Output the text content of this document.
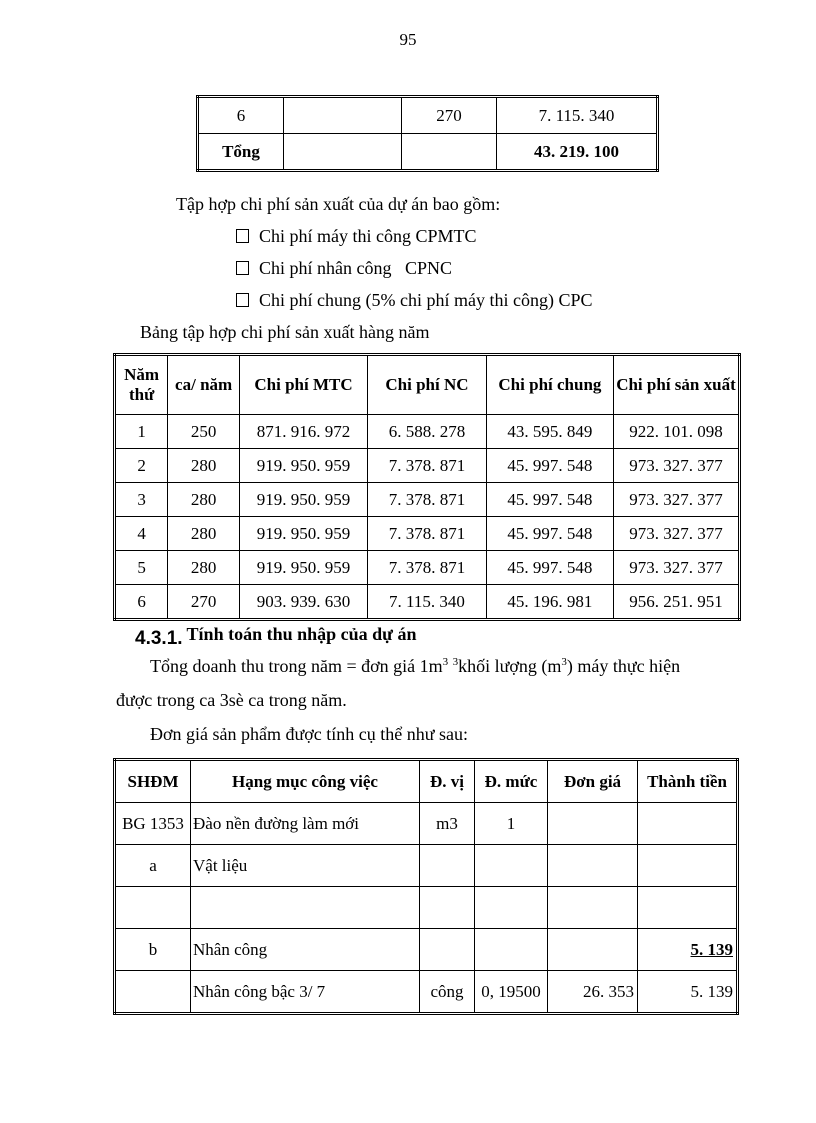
95
6		270	7. 115. 340
Tổng			43. 219. 100
Tập hợp chi phí sản xuất của dự án bao gồm:
Chi phí máy thi công CPMTC
Chi phí nhân công   CPNC
Chi phí chung (5% chi phí máy thi công) CPC
Bảng tập hợp chi phí sản xuất hàng năm
Năm thứ	ca/ năm	Chi phí MTC	Chi phí NC	Chi phí chung	Chi phí sản xuất
1	250	871. 916. 972	6. 588. 278	43. 595. 849	922. 101. 098
2	280	919. 950. 959	7. 378. 871	45. 997. 548	973. 327. 377
3	280	919. 950. 959	7. 378. 871	45. 997. 548	973. 327. 377
4	280	919. 950. 959	7. 378. 871	45. 997. 548	973. 327. 377
5	280	919. 950. 959	7. 378. 871	45. 997. 548	973. 327. 377
6	270	903. 939. 630	7. 115. 340	45. 196. 981	956. 251. 951
4.3.1. Tính toán thu nhập của dự án
Tổng doanh thu trong năm = đơn giá $1m^3$ $^3$khối lượng $(m^3)$ máy thực hiện
được trong ca 3sè ca trong năm.
Đơn giá sản phẩm được tính cụ thể như sau:
SHĐM	Hạng mục công việc	Đ. vị	Đ. mức	Đơn giá	Thành tiền
BG 1353	Đào nền đường làm mới	m3	1		
a	Vật liệu				

b	Nhân công				5. 139
	Nhân công bậc 3/ 7	công	0, 19500	26. 353	5. 139
